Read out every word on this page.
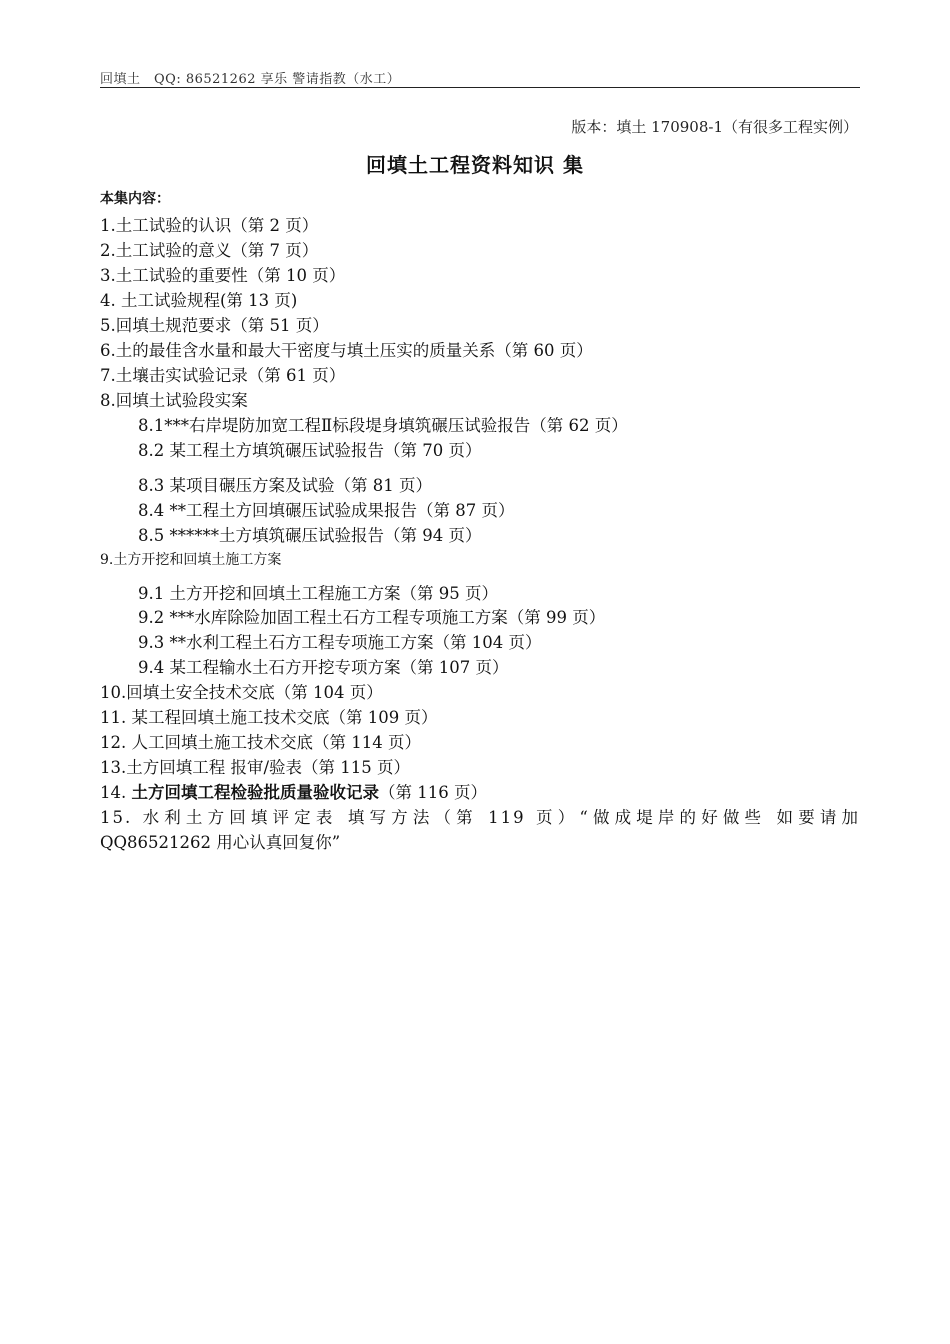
回填土　QQ: 86521262 享乐 警请指教（水工）
版本：填土 170908-1（有很多工程实例）
回填土工程资料知识 集
本集内容：
1.土工试验的认识（第 2 页）
2.土工试验的意义（第 7 页）
3.土工试验的重要性（第 10 页）
4. 土工试验规程(第 13 页)
5.回填土规范要求（第 51 页）
6.土的最佳含水量和最大干密度与填土压实的质量关系（第 60 页）
7.土壤击实试验记录（第 61 页）
8.回填土试验段实案
8.1***右岸堤防加宽工程Ⅱ标段堤身填筑碾压试验报告（第 62 页）
8.2 某工程土方填筑碾压试验报告（第 70 页）
8.3 某项目碾压方案及试验（第 81 页）
8.4 **工程土方回填碾压试验成果报告（第 87 页）
8.5 ******土方填筑碾压试验报告（第 94 页）
9.土方开挖和回填土施工方案
9.1 土方开挖和回填土工程施工方案（第 95 页）
9.2 ***水库除险加固工程土石方工程专项施工方案（第 99 页）
9.3 **水利工程土石方工程专项施工方案（第 104 页）
9.4 某工程输水土石方开挖专项方案（第 107 页）
10.回填土安全技术交底（第 104 页）
11. 某工程回填土施工技术交底（第 109 页）
12. 人工回填土施工技术交底（第 114 页）
13.土方回填工程 报审/验表（第 115 页）
14. 土方回填工程检验批质量验收记录（第 116 页）
15. 水利土方回填评定表 填写方法（第 119 页）“做成堤岸的好做些 如要请加
QQ86521262 用心认真回复你”
